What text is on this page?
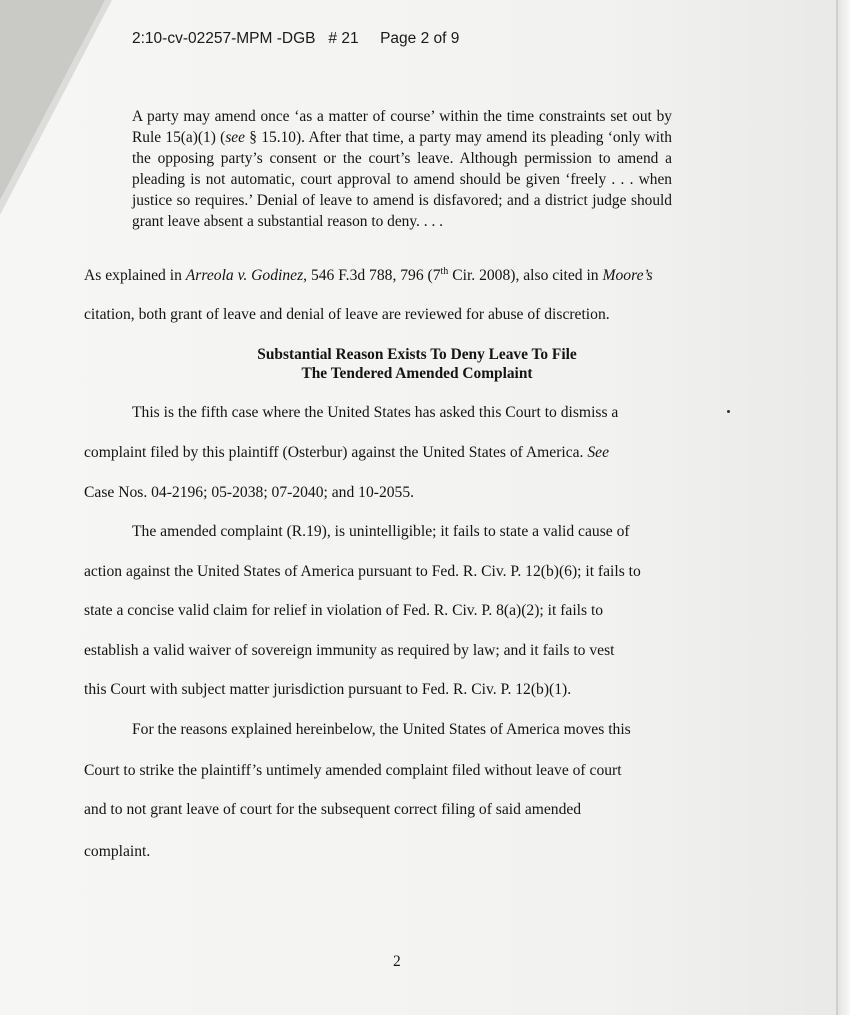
2:10-cv-02257-MPM -DGB   # 21     Page 2 of 9
A party may amend once ‘as a matter of course’ within the time constraints set out by Rule 15(a)(1) (see § 15.10). After that time, a party may amend its pleading ‘only with the opposing party’s consent or the court’s leave. Although permission to amend a pleading is not automatic, court approval to amend should be given ‘freely . . . when justice so requires.’ Denial of leave to amend is disfavored; and a district judge should grant leave absent a substantial reason to deny. . . .
As explained in Arreola v. Godinez, 546 F.3d 788, 796 (7th Cir. 2008), also cited in Moore’s
citation, both grant of leave and denial of leave are reviewed for abuse of discretion.
Substantial Reason Exists To Deny Leave To File
The Tendered Amended Complaint
This is the fifth case where the United States has asked this Court to dismiss a
complaint filed by this plaintiff (Osterbur) against the United States of America. See
Case Nos. 04-2196; 05-2038; 07-2040; and 10-2055.
The amended complaint (R.19), is unintelligible; it fails to state a valid cause of
action against the United States of America pursuant to Fed. R. Civ. P. 12(b)(6); it fails to
state a concise valid claim for relief in violation of Fed. R. Civ. P. 8(a)(2); it fails to
establish a valid waiver of sovereign immunity as required by law; and it fails to vest
this Court with subject matter jurisdiction pursuant to Fed. R. Civ. P. 12(b)(1).
For the reasons explained hereinbelow, the United States of America moves this
Court to strike the plaintiff’s untimely amended complaint filed without leave of court
and to not grant leave of court for the subsequent correct filing of said amended
complaint.
2
